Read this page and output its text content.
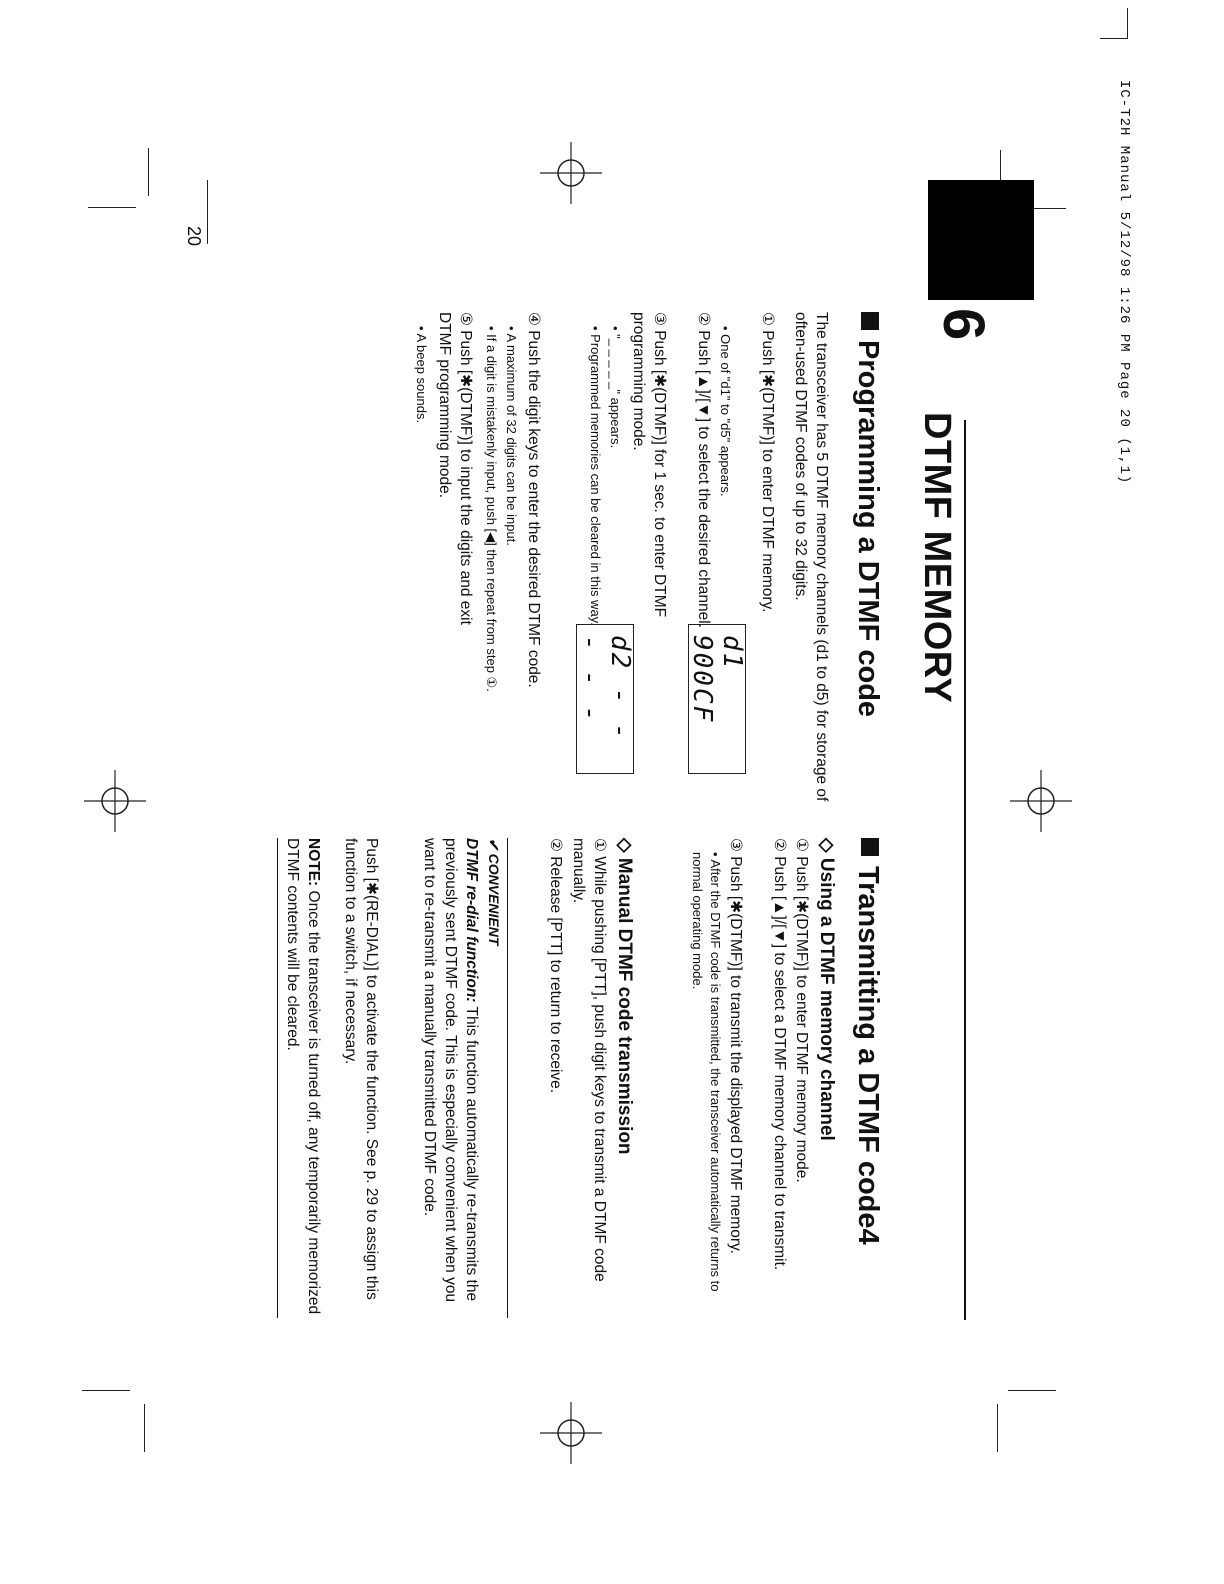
IC-T2H Manual 5/12/98 1:26 PM Page 20 (1,1)
6
DTMF MEMORY
20
Programming a DTMF code
The transceiver has 5 DTMF memory channels (d1 to d5) for storage of often-used DTMF codes of up to 32 digits.
① Push [✱(DTMF)] to enter DTMF memory.
• One of "d1" to "d5" appears.
② Push [▲]/[▼] to select the desired channel.
③ Push [✱(DTMF)] for 1 sec. to enter DTMF programming mode.
• "_ _ _ _ _" appears.
• Programmed memories can be cleared in this way.
d1 900CF
d2 - - - - -
④ Push the digit keys to enter the desired DTMF code.
• A maximum of 32 digits can be input.
• If a digit is mistakenly input, push [◀] then repeat from step ①.
⑤ Push [✱(DTMF)] to input the digits and exit DTMF programming mode.
• A beep sounds.
Transmitting a DTMF code4
◇ Using a DTMF memory channel
① Push [✱(DTMF)] to enter DTMF memory mode.
② Push [▲]/[▼] to select a DTMF memory channel to transmit.
③ Push [✱(DTMF)] to transmit the displayed DTMF memory.
• After the DTMF code is transmitted, the transceiver automatically returns to normal operating mode.
◇ Manual DTMF code transmission
① While pushing [PTT], push digit keys to transmit a DTMF code manually.
② Release [PTT] to return to receive.
✔ CONVENIENT
DTMF re-dial function: This function automatically re-transmits the previously sent DTMF code. This is especially convenient when you want to re-transmit a manually transmitted DTMF code.
Push [✱(RE-DIAL)] to activate the function. See p. 29 to assign this function to a switch, if necessary.
NOTE: Once the transceiver is turned off, any temporarily memorized DTMF contents will be cleared.
